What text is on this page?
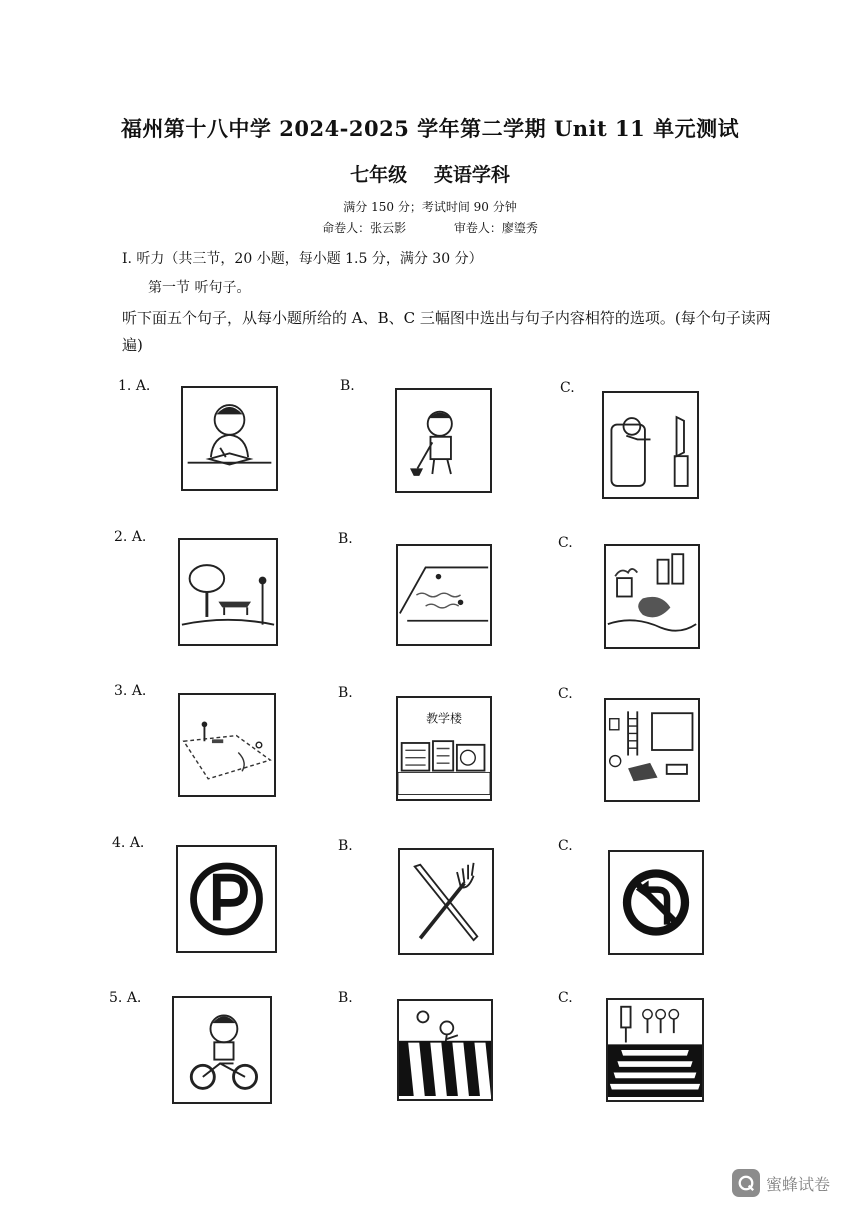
福州第十八中学 2024-2025 学年第二学期 Unit 11 单元测试
七年级 英语学科
满分 150 分；考试时间 90 分钟
命卷人：张云影	审卷人：廖瑬秀
I. 听力（共三节，20 小题，每小题 1.5 分，满分 30 分）
第一节 听句子。
听下面五个句子，从每小题所给的 A、B、C 三幅图中选出与句子内容相符的选项。(每个句子读两遍)
1. A.	B.	C.
2. A.	B.	C.
3. A.	B.	C.
4. A.	B.	C.
5. A.	B.	C.
教学楼
蜜蜂试卷
